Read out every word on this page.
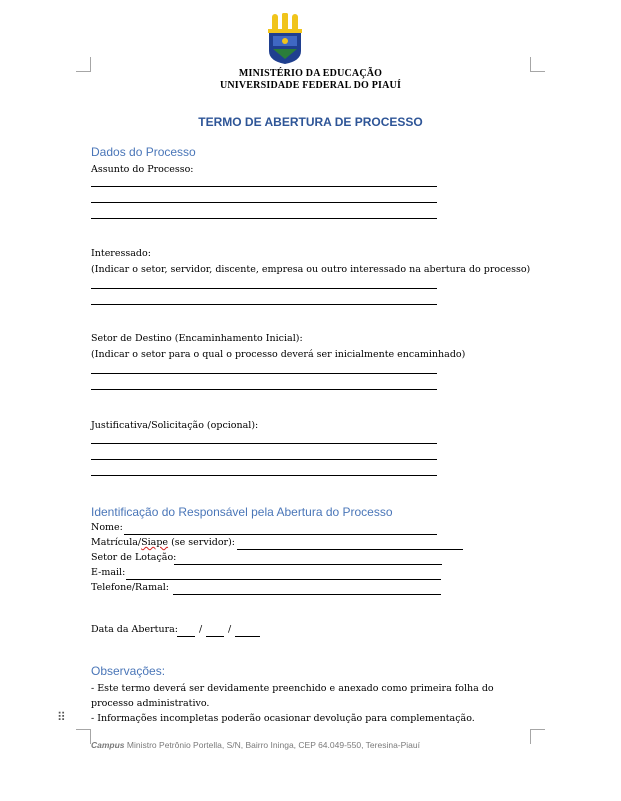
MINISTÉRIO DA EDUCAÇÃO
UNIVERSIDADE FEDERAL DO PIAUÍ
TERMO DE ABERTURA DE PROCESSO
Dados do Processo
Assunto do Processo:
Interessado:
(Indicar o setor, servidor, discente, empresa ou outro interessado na abertura do processo)
Setor de Destino (Encaminhamento Inicial):
(Indicar o setor para o qual o processo deverá ser inicialmente encaminhado)
Justificativa/Solicitação (opcional):
Identificação do Responsável pela Abertura do Processo
Nome:
Matrícula/Siape (se servidor):
Setor de Lotação:
E-mail:
Telefone/Ramal:
Data da Abertura: /	/
Observações:
- Este termo deverá ser devidamente preenchido e anexado como primeira folha do
processo administrativo.
- Informações incompletas poderão ocasionar devolução para complementação.
⠿
Campus Ministro Petrônio Portella, S/N, Bairro Ininga, CEP 64.049-550, Teresina-Piauí
